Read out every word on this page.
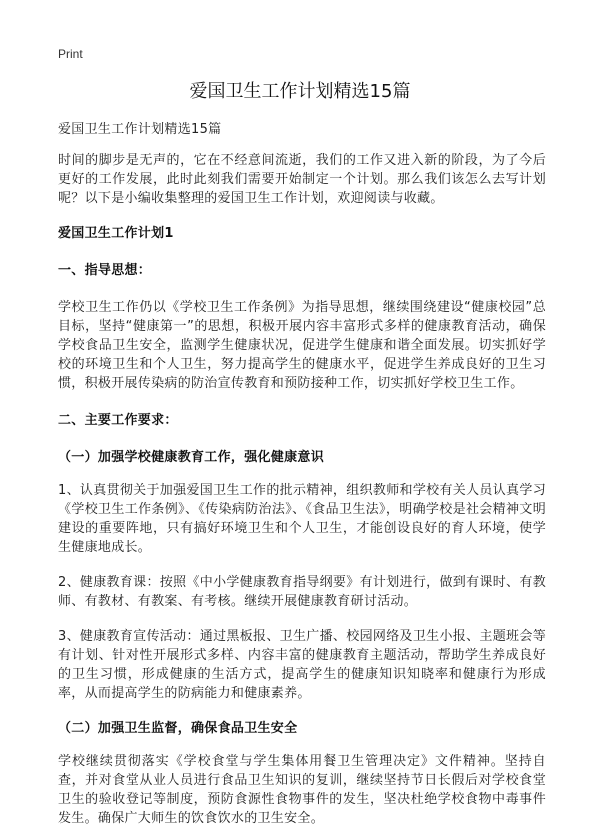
Print
爱国卫生工作计划精选15篇

爱国卫生工作计划精选15篇

时间的脚步是无声的，它在不经意间流逝，我们的工作又进入新的阶段，为了今后更好的工作发展，此时此刻我们需要开始制定一个计划。那么我们该怎么去写计划呢？以下是小编收集整理的爱国卫生工作计划，欢迎阅读与收藏。

爱国卫生工作计划1

一、指导思想：

学校卫生工作仍以《学校卫生工作条例》为指导思想，继续围绕建设“健康校园”总目标，坚持“健康第一”的思想，积极开展内容丰富形式多样的健康教育活动，确保学校食品卫生安全，监测学生健康状况，促进学生健康和谐全面发展。切实抓好学校的环境卫生和个人卫生，努力提高学生的健康水平，促进学生养成良好的卫生习惯，积极开展传染病的防治宣传教育和预防接种工作，切实抓好学校卫生工作。

二、主要工作要求：

（一）加强学校健康教育工作，强化健康意识

1、认真贯彻关于加强爱国卫生工作的批示精神，组织教师和学校有关人员认真学习《学校卫生工作条例》、《传染病防治法》、《食品卫生法》，明确学校是社会精神文明建设的重要阵地，只有搞好环境卫生和个人卫生，才能创设良好的育人环境，使学生健康地成长。

2、健康教育课：按照《中小学健康教育指导纲要》有计划进行，做到有课时、有教师、有教材、有教案、有考核。继续开展健康教育研讨活动。

3、健康教育宣传活动：通过黑板报、卫生广播、校园网络及卫生小报、主题班会等有计划、针对性开展形式多样、内容丰富的健康教育主题活动，帮助学生养成良好的卫生习惯，形成健康的生活方式，提高学生的健康知识知晓率和健康行为形成率，从而提高学生的防病能力和健康素养。

（二）加强卫生监督，确保食品卫生安全

学校继续贯彻落实《学校食堂与学生集体用餐卫生管理决定》文件精神。坚持自查，并对食堂从业人员进行食品卫生知识的复训，继续坚持节日长假后对学校食堂卫生的验收登记等制度，预防食源性食物事件的发生，坚决杜绝学校食物中毒事件发生。确保广大师生的饮食饮水的卫生安全。
